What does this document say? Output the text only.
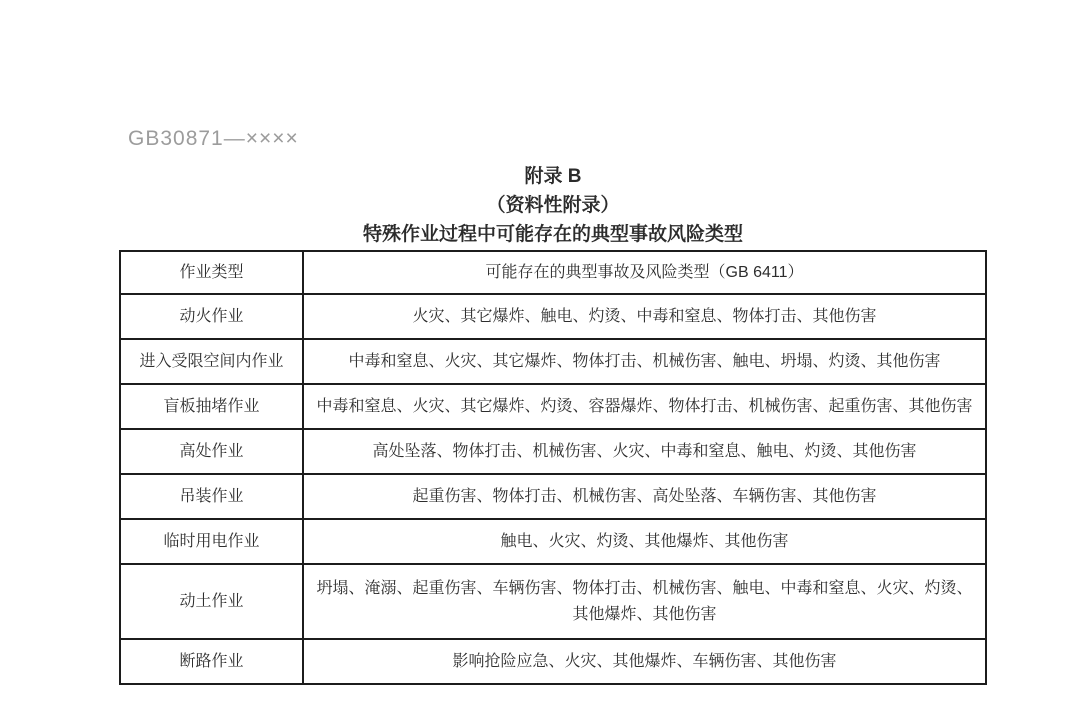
GB30871—××××
附录 B
（资料性附录）
特殊作业过程中可能存在的典型事故风险类型
作业类型	可能存在的典型事故及风险类型（GB 6411）
动火作业	火灾、其它爆炸、触电、灼烫、中毒和窒息、物体打击、其他伤害
进入受限空间内作业	中毒和窒息、火灾、其它爆炸、物体打击、机械伤害、触电、坍塌、灼烫、其他伤害
盲板抽堵作业	中毒和窒息、火灾、其它爆炸、灼烫、容器爆炸、物体打击、机械伤害、起重伤害、其他伤害
高处作业	高处坠落、物体打击、机械伤害、火灾、中毒和窒息、触电、灼烫、其他伤害
吊装作业	起重伤害、物体打击、机械伤害、高处坠落、车辆伤害、其他伤害
临时用电作业	触电、火灾、灼烫、其他爆炸、其他伤害
动土作业	坍塌、淹溺、起重伤害、车辆伤害、物体打击、机械伤害、触电、中毒和窒息、火灾、灼烫、其他爆炸、其他伤害
断路作业	影响抢险应急、火灾、其他爆炸、车辆伤害、其他伤害
